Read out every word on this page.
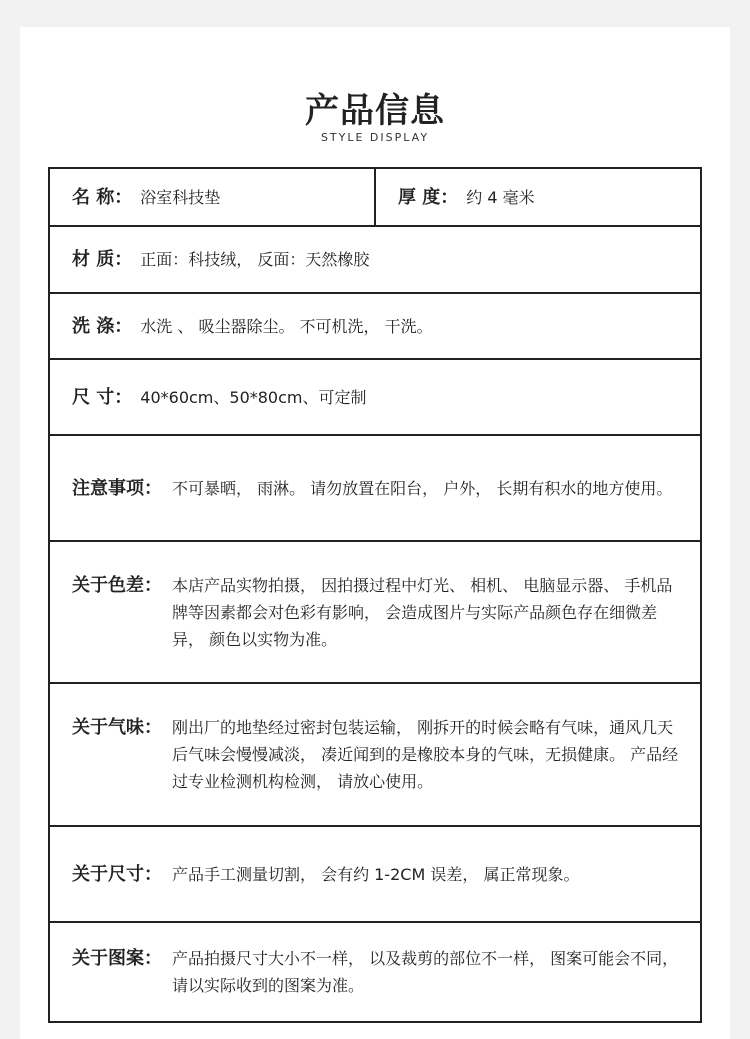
产品信息
STYLE DISPLAY
名 称： 浴室科技垫	厚 度： 约 4 毫米

材 质： 正面：科技绒， 反面：天然橡胶

洗 涤： 水洗 、 吸尘器除尘。 不可机洗， 干洗。

尺 寸： 40*60cm、50*80cm、可定制

注意事项： 不可暴晒， 雨淋。 请勿放置在阳台， 户外， 长期有积水的地方使用。

关于色差： 本店产品实物拍摄， 因拍摄过程中灯光、 相机、 电脑显示器、 手机品牌等因素都会对色彩有影响， 会造成图片与实际产品颜色存在细微差异， 颜色以实物为准。

关于气味： 刚出厂的地垫经过密封包装运输， 刚拆开的时候会略有气味，通风几天后气味会慢慢减淡， 凑近闻到的是橡胶本身的气味，无损健康。 产品经过专业检测机构检测， 请放心使用。

关于尺寸： 产品手工测量切割， 会有约 1-2CM 误差， 属正常现象。

关于图案： 产品拍摄尺寸大小不一样， 以及裁剪的部位不一样， 图案可能会不同， 请以实际收到的图案为准。
